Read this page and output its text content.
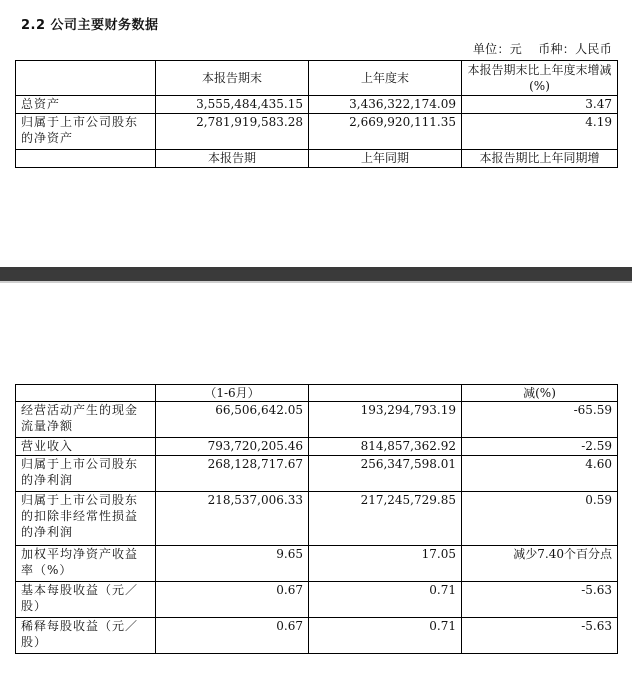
2.2 公司主要财务数据
单位：元 币种：人民币
	本报告期末	上年度末	本报告期末比上年度末增减(%)
总资产	3,555,484,435.15	3,436,322,174.09	3.47
归属于上市公司股东的净资产	2,781,919,583.28	2,669,920,111.35	4.19
	本报告期	上年同期	本报告期比上年同期增
	（1-6月）		减(%)
经营活动产生的现金流量净额	66,506,642.05	193,294,793.19	-65.59
营业收入	793,720,205.46	814,857,362.92	-2.59
归属于上市公司股东的净利润	268,128,717.67	256,347,598.01	4.60
归属于上市公司股东的扣除非经常性损益的净利润	218,537,006.33	217,245,729.85	0.59
加权平均净资产收益率（%）	9.65	17.05	减少7.40个百分点
基本每股收益（元／股）	0.67	0.71	-5.63
稀释每股收益（元／股）	0.67	0.71	-5.63
